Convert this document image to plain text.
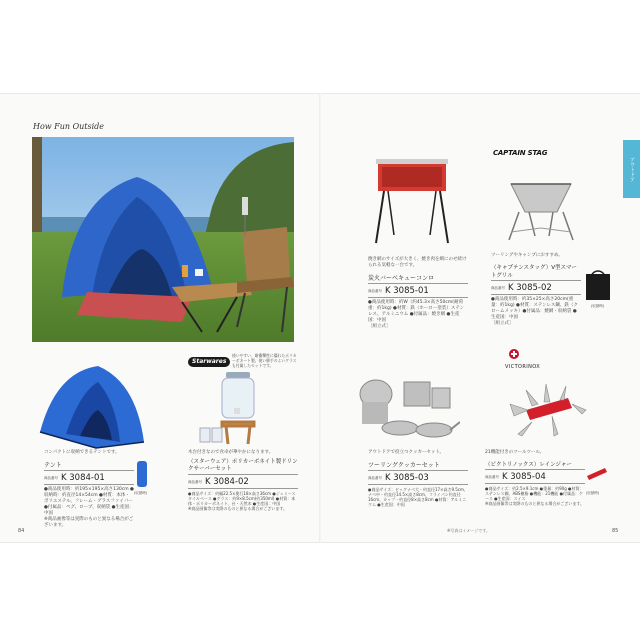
How Fun Outside
アウトドア
CAPTAIN STAG
Starwares
VICTORINOX
焼き網のサイズが大きく、焼き肉を網にのせ続けられる気軽な一台です。
炭火バーベキューコンロ
商品番号 K 3085-01
●商品使用時：約W（約45.3×高さ50cm(耐荷重：約1kg) ●材質：鉄（ホーロー塗装）ステンレス、アルミニウム ●付属品：焼き網 ●生産国：中国
［組立式］
ツーリングやキャンプにおすすめ。
（キャプテンスタッグ）V型スマートグリル
商品番号 K 3085-02
●商品使用時：約35×25×高さ20cm(重量：約1kg) ●材質：ステンレス鋼、鉄（クロームメッキ）●付属品：焼網・収納袋 ●生産国：中国
［組立式］
(収納時)
コンパクトに収納できるテントです。
テント
商品番号 K 3084-01
●商品使用時：約195×195×高さ130cm ●収納時：約直径14×54cm ●材質：本体・ポリエステル、フレーム・グラスファイバー ●付属品：ペグ、ロープ、収納袋 ●生産国：中国
※商品画像等は実際のものと異なる場合がございます。
(収納時)
使いやすい、耐衝撃性に優れたポリカーボネート製。使い勝手のよいグラスも付属したセットです。
木台付きなので食卓が華やかになります。
（スターウェア）ポリカーボネイト製ドリンクサーバーセット
商品番号 K 3084-02
●商品サイズ：約幅22.5×奥行18×高さ36cm ●ジェミースタイルベース ●グラス：約9×8.5cm(約350ml) ●材質：本体・ポリカーボネイト、台・天然木 ●生産国：中国
※商品画像等は実際のものと異なる場合がございます。
アウトドアで役立つクッカーセット。
ツーリングクッカーセット
商品番号 K 3085-03
●商品サイズ：ビッグナベ大・約直径17×高さ9.5cm、ナベ中・約直径14.5×高さ8cm、フライパン約直径16cm、カップ・約直径8×高さ8cm ●材質：アルミニウム ●生産国：中国
21機能付きのツールツール。
（ビクトリノックス）レインジャー
商品番号 K 3085-04
●商品サイズ：約2.5×9.1cm ●重量：約90g ●材質：ステンレス鋼、ABS樹脂 ●機能：21機能 ●付属品：ケース ●生産国：スイス
※商品画像等は実際のものと異なる場合がございます。
(収納時)
84	85
※写真はイメージです。
